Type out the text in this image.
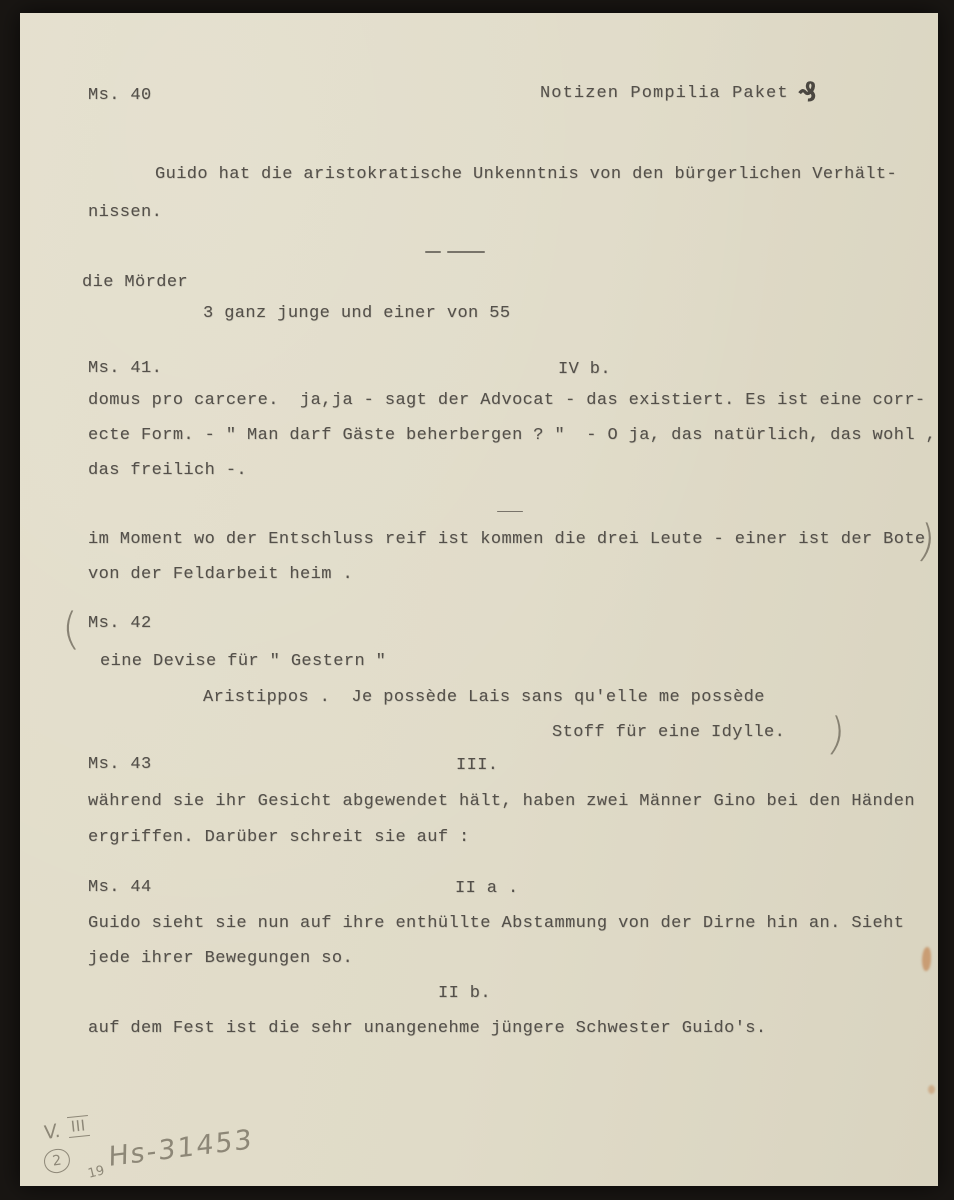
Ms. 40	Notizen Pompilia Paket ₰
Guido hat die aristokratische Unkenntnis von den bürgerlichen Verhält-
nissen.
die Mörder
3 ganz junge und einer von 55
Ms. 41.	IV b.
domus pro carcere.  ja,ja - sagt der Advocat - das existiert. Es ist eine corr-
ecte Form. - " Man darf Gäste beherbergen ? "  - O ja, das natürlich, das wohl ,
das freilich -.
im Moment wo der Entschluss reif ist kommen die drei Leute - einer ist der Bote
von der Feldarbeit heim .
)
( Ms. 42
eine Devise für " Gestern "
Aristippos .  Je possède Lais sans qu'elle me possède
Stoff für eine Idylle. )
Ms. 43	III.
während sie ihr Gesicht abgewendet hält, haben zwei Männer Gino bei den Händen
ergriffen. Darüber schreit sie auf :
Ms. 44	II a .
Guido sieht sie nun auf ihre enthüllte Abstammung von der Dirne hin an. Sieht
jede ihrer Bewegungen so.
II b.
auf dem Fest ist die sehr unangenehme jüngere Schwester Guido's.
V. III
2
19 Hs-31453
